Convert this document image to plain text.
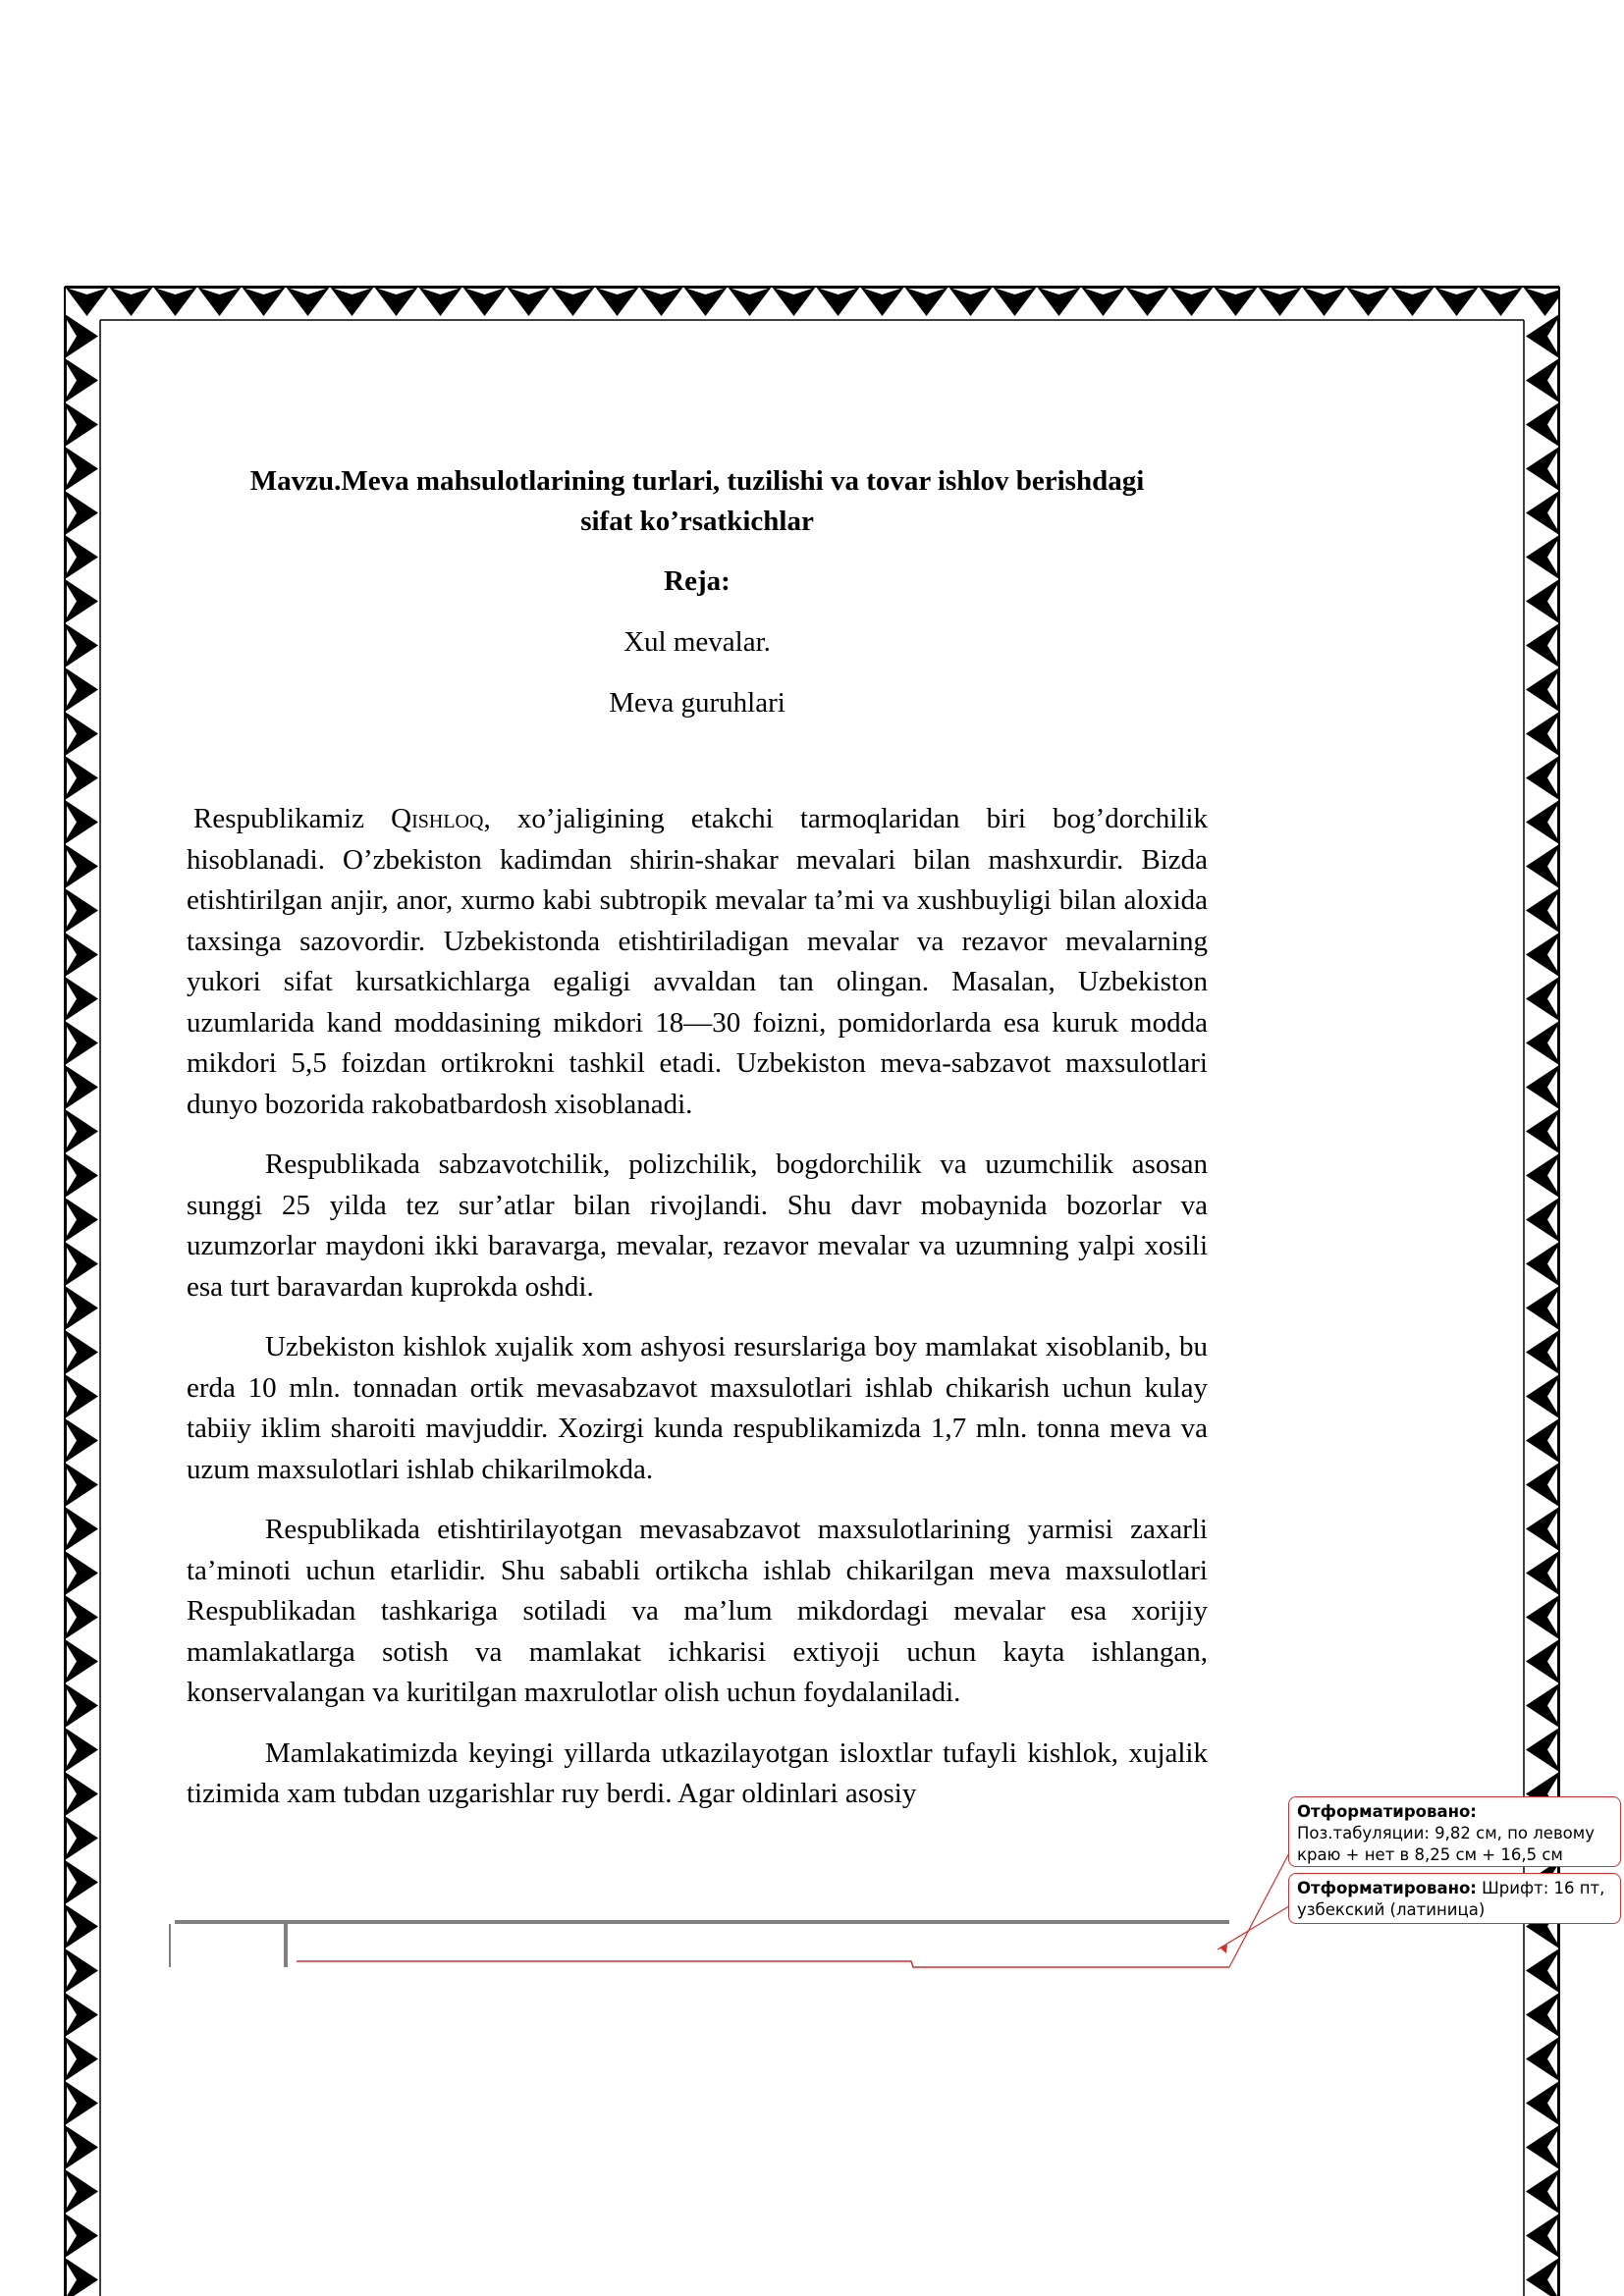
Mavzu.Meva mahsulotlarining turlari, tuzilishi va tovar ishlov berishdagi
sifat ko’rsatkichlar

Reja:

Xul mevalar.

Meva guruhlari

Respublikamiz Qishloq, xo’jaligining etakchi tarmoqlaridan biri bog’dorchilik hisoblanadi. O’zbekiston kadimdan shirin-shakar mevalari bilan mashxurdir. Bizda etishtirilgan anjir, anor, xurmo kabi subtropik mevalar ta’mi va xushbuyligi bilan aloxida taxsinga sazovordir. Uzbekistonda etishtiriladigan mevalar va rezavor mevalarning yukori sifat kursatkichlarga egaligi avvaldan tan olingan. Masalan, Uzbekiston uzumlarida kand moddasining mikdori 18—30 foizni, pomidorlarda esa kuruk modda mikdori 5,5 foizdan ortikrokni tashkil etadi. Uzbekiston meva-sabzavot maxsulotlari dunyo bozorida rakobatbardosh xisoblanadi.

Respublikada sabzavotchilik, polizchilik, bogdorchilik va uzumchilik asosan sunggi 25 yilda tez sur’atlar bilan rivojlandi. Shu davr mobaynida bozorlar va uzumzorlar maydoni ikki baravarga, mevalar, rezavor mevalar va uzumning yalpi xosili esa turt baravardan kuprokda oshdi.

Uzbekiston kishlok xujalik xom ashyosi resurslariga boy mamlakat xisoblanib, bu erda 10 mln. tonnadan ortik mevasabzavot maxsulotlari ishlab chikarish uchun kulay tabiiy iklim sharoiti mavjuddir. Xozirgi kunda respublikamizda 1,7 mln. tonna meva va uzum maxsulotlari ishlab chikarilmokda.

Respublikada etishtirilayotgan mevasabzavot maxsulotlarining yarmisi zaxarli ta’minoti uchun etarlidir. Shu sababli ortikcha ishlab chikarilgan meva maxsulotlari Respublikadan tashkariga sotiladi va ma’lum mikdordagi mevalar esa xorijiy mamlakatlarga sotish va mamlakat ichkarisi extiyoji uchun kayta ishlangan, konservalangan va kuritilgan maxrulotlar olish uchun foydalaniladi.

Mamlakatimizda keyingi yillarda utkazilayotgan isloxtlar tufayli kishlok, xujalik tizimida xam tubdan uzgarishlar ruy berdi. Agar oldinlari asosiy

Отформатировано: Поз.табуляции: 9,82 см, по левому краю + нет в 8,25 см + 16,5 см
Отформатировано: Шрифт: 16 пт, узбекский (латиница)
